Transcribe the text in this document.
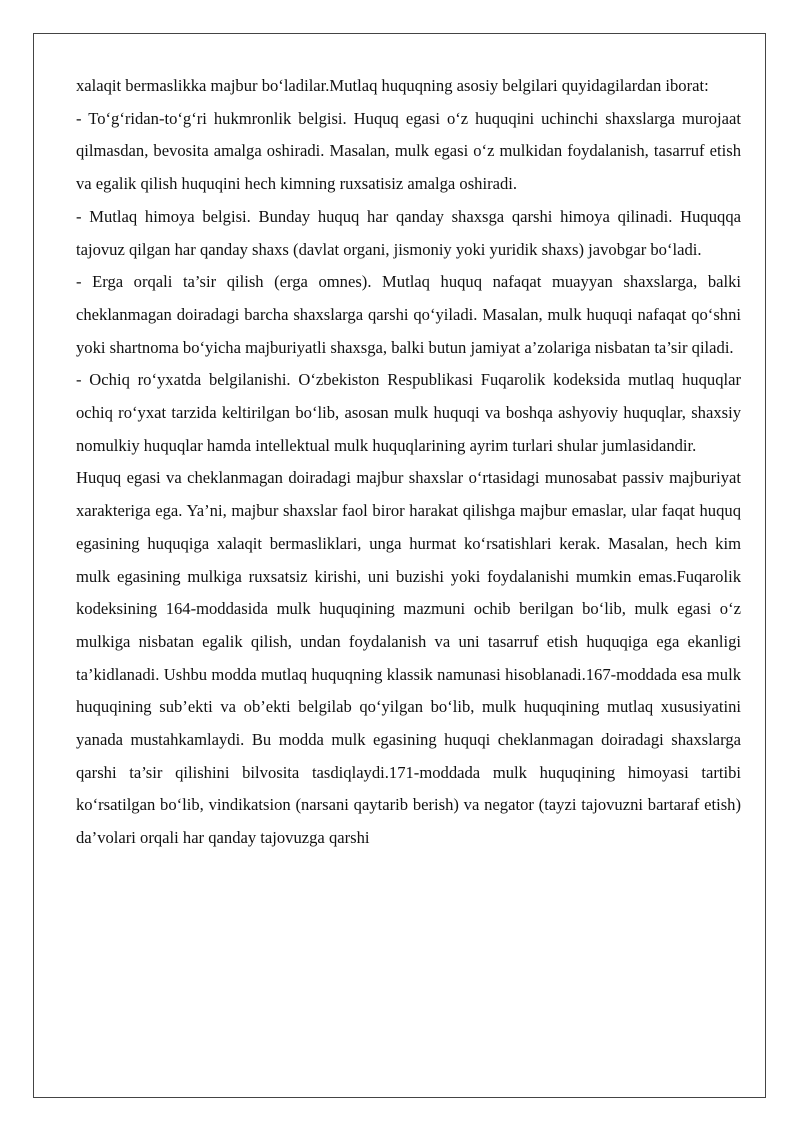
xalaqit bermaslikka majbur bo‘ladilar.Mutlaq huquqning asosiy belgilari quyidagilardan iborat:

- To‘g‘ridan-to‘g‘ri hukmronlik belgisi. Huquq egasi o‘z huquqini uchinchi shaxslarga murojaat qilmasdan, bevosita amalga oshiradi. Masalan, mulk egasi o‘z mulkidan foydalanish, tasarruf etish va egalik qilish huquqini hech kimning ruxsatisiz amalga oshiradi.

- Mutlaq himoya belgisi. Bunday huquq har qanday shaxsga qarshi himoya qilinadi. Huquqqa tajovuz qilgan har qanday shaxs (davlat organi, jismoniy yoki yuridik shaxs) javobgar bo‘ladi.

- Erga orqali ta’sir qilish (erga omnes). Mutlaq huquq nafaqat muayyan shaxslarga, balki cheklanmagan doiradagi barcha shaxslarga qarshi qo‘yiladi. Masalan, mulk huquqi nafaqat qo‘shni yoki shartnoma bo‘yicha majburiyatli shaxsga, balki butun jamiyat a’zolariga nisbatan ta’sir qiladi.

- Ochiq ro‘yxatda belgilanishi. O‘zbekiston Respublikasi Fuqarolik kodeksida mutlaq huquqlar ochiq ro‘yxat tarzida keltirilgan bo‘lib, asosan mulk huquqi va boshqa ashyoviy huquqlar, shaxsiy nomulkiy huquqlar hamda intellektual mulk huquqlarining ayrim turlari shular jumlasidandir.

Huquq egasi va cheklanmagan doiradagi majbur shaxslar o‘rtasidagi munosabat passiv majburiyat xarakteriga ega. Ya’ni, majbur shaxslar faol biror harakat qilishga majbur emaslar, ular faqat huquq egasining huquqiga xalaqit bermasliklari, unga hurmat ko‘rsatishlari kerak. Masalan, hech kim mulk egasining mulkiga ruxsatsiz kirishi, uni buzishi yoki foydalanishi mumkin emas.Fuqarolik kodeksining 164-moddasida mulk huquqining mazmuni ochib berilgan bo‘lib, mulk egasi o‘z mulkiga nisbatan egalik qilish, undan foydalanish va uni tasarruf etish huquqiga ega ekanligi ta’kidlanadi. Ushbu modda mutlaq huquqning klassik namunasi hisoblanadi.167-moddada esa mulk huquqining sub’ekti va ob’ekti belgilab qo‘yilgan bo‘lib, mulk huquqining mutlaq xususiyatini yanada mustahkamlaydi. Bu modda mulk egasining huquqi cheklanmagan doiradagi shaxslarga qarshi ta’sir qilishini bilvosita tasdiqlaydi.171-moddada mulk huquqining himoyasi tartibi ko‘rsatilgan bo‘lib, vindikatsion (narsani qaytarib berish) va negator (tayzi tajovuzni bartaraf etish) da’volari orqali har qanday tajovuzga qarshi
